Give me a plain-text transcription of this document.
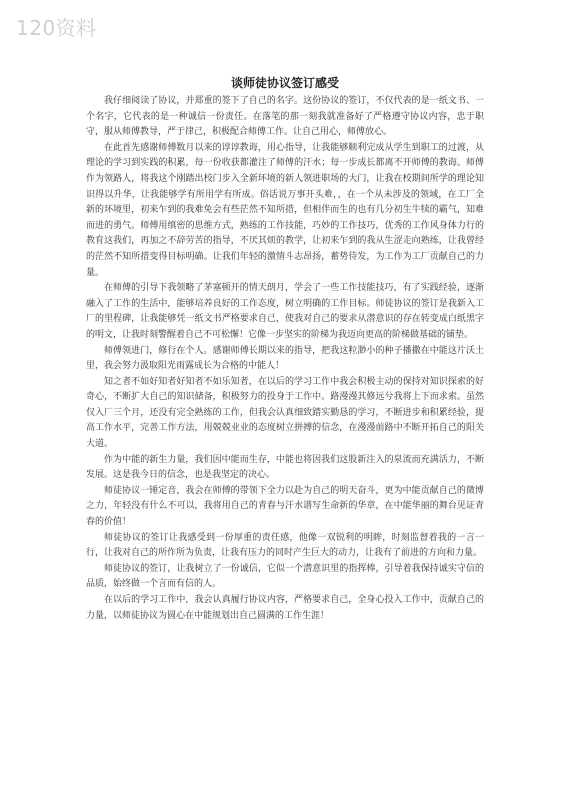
120资料
谈师徒协议签订感受

我仔细阅读了协议，并郑重的签下了自己的名字。这份协议的签订，不仅代表的是一纸文书、一个名字，它代表的是一种诚信一份责任。在落笔的那一刻我就准备好了严格遵守协议内容，忠于职守，服从师傅教导，严于律己，积极配合师傅工作。让自己用心，师傅放心。

在此首先感谢师傅数月以来的谆谆教诲，用心指导，让我能够顺利完成从学生到职工的过渡，从理论的学习到实践的积累，每一份收获都灌注了师傅的汗水；每一步成长都离不开师傅的教诲。师傅作为领路人，将我这个刚踏出校门步入全新环境的新人领进职场的大门，让我在校期间所学的理论知识得以升华，让我能够学有所用学有所成。俗话说万事开头难，，在一个从未涉及的领域，在工厂全新的环境里，初来乍到的我难免会有些茫然不知所措，但相伴而生的也有几分初生牛犊的霸气，知难而进的勇气。师傅用缜密的思维方式，熟练的工作技能，巧妙的工作技巧，优秀的工作风身体力行的教育这我们，再加之不辞劳苦的指导，不厌其烦的教学，让初来乍到的我从生涩走向熟练，让我曾经的茫然不知所措变得目标明确。让我们年轻的激情斗志昂扬，蓄势待发，为工作为工厂贡献自己的力量。

在师傅的引导下我领略了茅塞顿开的情天朗月，学会了一些工作技能技巧，有了实践经验，逐渐融入了工作的生活中，能够培养良好的工作态度，树立明确的工作目标。师徒协议的签订是我新入工厂的里程碑，让我能够凭一纸文书严格要求自己，使我对自己的要求从潜意识的存在转变成白纸黑字的明文，让我时刻警醒着自己不可松懈！它像一步坚实的阶梯为我迈向更高的阶梯做基础的铺垫。

师傅领进门，修行在个人。感谢师傅长期以来的指导，把我这粒渺小的种子播撒在中能这片沃土里，我会努力汲取阳光雨露成长为合格的中能人！

知之者不如好知者好知者不如乐知者，在以后的学习工作中我会积极主动的保持对知识探索的好奇心，不断扩大自己的知识储备，积极努力的投身于工作中。路漫漫其修远兮我将上下而求索。虽然仅入厂三个月，还没有完全熟练的工作，但我会认真细致踏实勤恳的学习，不断进步和积累经验，提高工作水平，完善工作方法，用兢兢业业的态度树立拼搏的信念，在漫漫前路中不断开拓自己的阳关大道。

作为中能的新生力量，我们因中能而生存，中能也将因我们这股新注入的泉流而充满活力，不断发展。这是我今日的信念，也是我坚定的决心。

师徒协议一锤定音，我会在师傅的带领下全力以赴为自己的明天奋斗，更为中能贡献自己的微博之力，年轻没有什么不可以，我将用自己的青春与汗水谱写生命新的华章，在中能华丽的舞台见证青春的价值！

师徒协议的签订让我感受到一份厚重的责任感，他像一双锐利的明眸，时刻监督着我的一言一行，让我对自己的所作所为负责，让我有压力的同时产生巨大的动力，让我有了前进的方向和力量。

师徒协议的签订，让我树立了一份诚信，它似一个潜意识里的指挥棒，引导着我保持诚实守信的品质，始终做一个言而有信的人。

在以后的学习工作中，我会认真履行协议内容，严格要求自己，全身心投入工作中，贡献自己的力量，以师徒协议为圆心在中能规划出自己圆满的工作生涯！
